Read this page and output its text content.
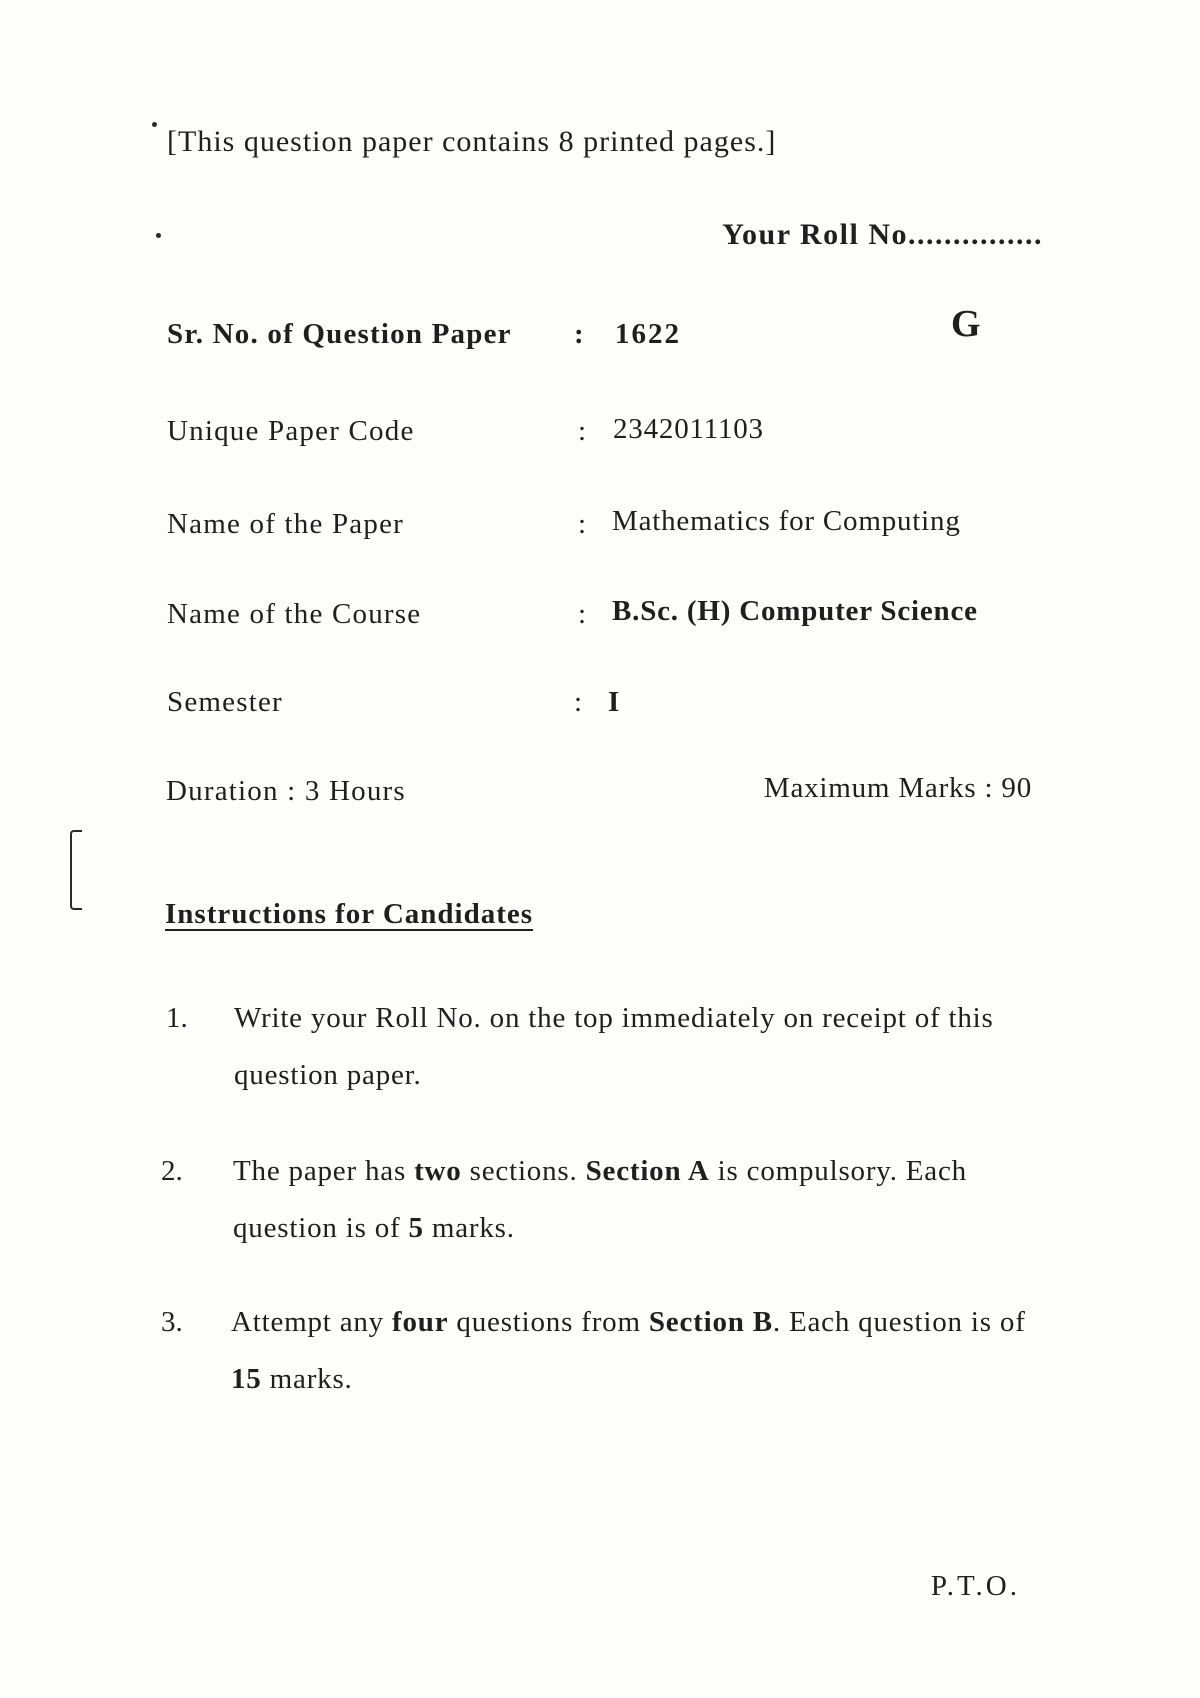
[This question paper contains 8 printed pages.]
Your Roll No...............
Sr. No. of Question Paper : 1622	G
Unique Paper Code	: 2342011103
Name of the Paper	: Mathematics for Computing
Name of the Course	: B.Sc. (H) Computer Science
Semester	: I
Duration : 3 Hours	Maximum Marks : 90
Instructions for Candidates
1. Write your Roll No. on the top immediately on receipt of this question paper.
2. The paper has two sections. Section A is compulsory. Each question is of 5 marks.
3. Attempt any four questions from Section B. Each question is of 15 marks.
P.T.O.
